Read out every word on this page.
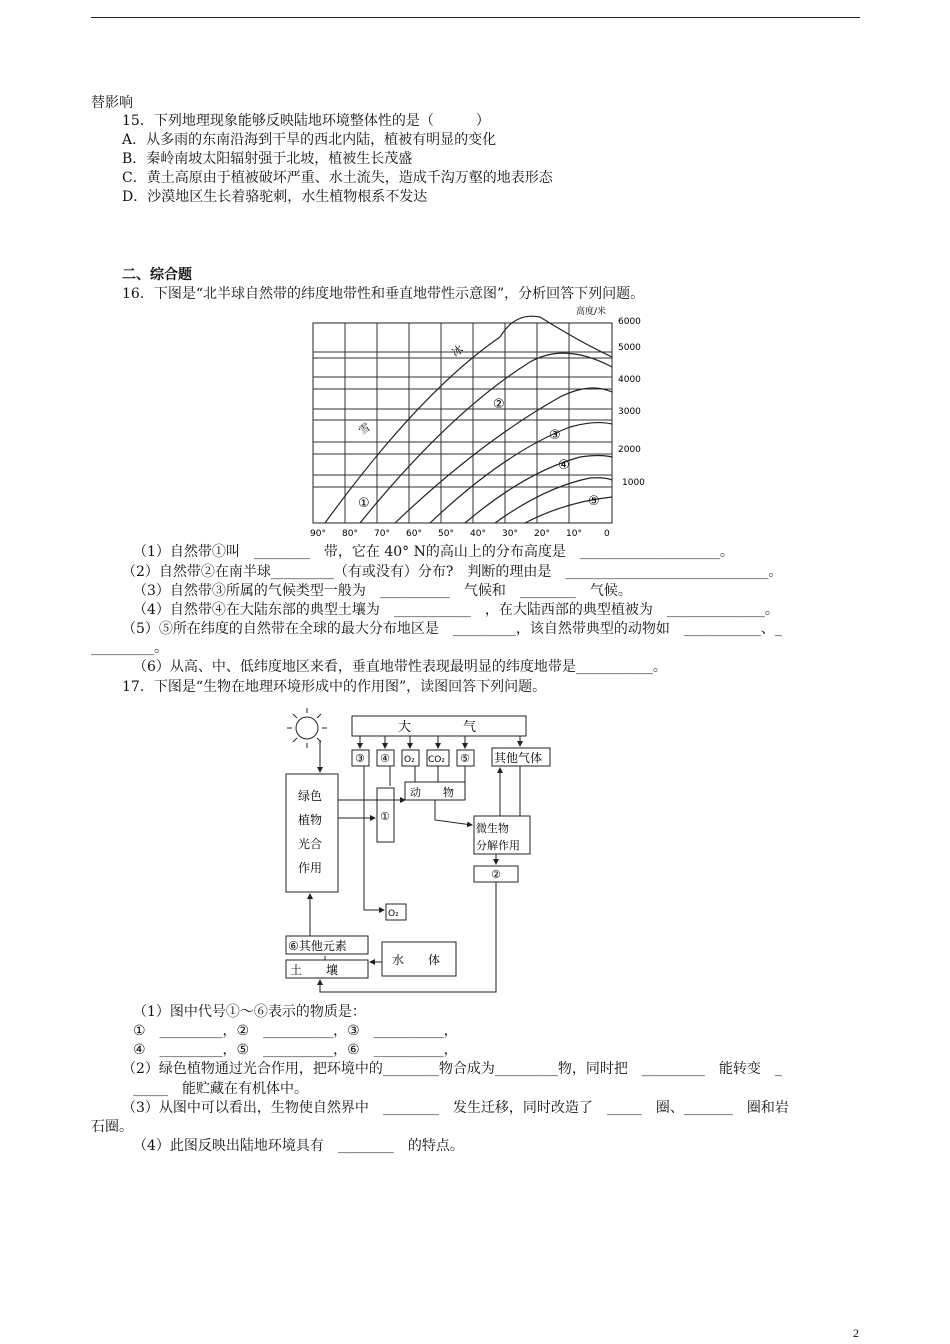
替影响
15．下列地理现象能够反映陆地环境整体性的是（　　　）
A．从多雨的东南沿海到干旱的西北内陆，植被有明显的变化
B．秦岭南坡太阳辐射强于北坡，植被生长茂盛
C．黄土高原由于植被破坏严重、水土流失，造成千沟万壑的地表形态
D．沙漠地区生长着骆驼刺，水生植物根系不发达
二、综合题
16．下图是“北半球自然带的纬度地带性和垂直地带性示意图”，分析回答下列问题。
①
②
③
④
⑤
雪
冰
高度/米
6000
5000
4000
3000
2000
1000
90° 80° 70° 60° 50° 40° 30° 20° 10° 0
（1）自然带①叫　________　带，它在 40° N的高山上的分布高度是　____________________。
（2）自然带②在南半球_________（有或没有）分布?　判断的理由是　_____________________________。
（3）自然带③所属的气候类型一般为　__________　气候和　________　气候。
（4）自然带④在大陆东部的典型土壤为　___________　，在大陆西部的典型植被为　______________。
（5）⑤所在纬度的自然带在全球的最大分布地区是　_________，该自然带典型的动物如　___________、_
_________。
（6）从高、中、低纬度地区来看，垂直地带性表现最明显的纬度地带是___________。
17．下图是“生物在地理环境形成中的作用图”，读图回答下列问题。
大　　　　气
③ ④ O₂ CO₂ ⑤ 其他气体
绿色
植物
光合
作用
①
动　　物
微生物
分解作用
②
O₂
⑥其他元素
土　　壤
水　　体
（1）图中代号①～⑥表示的物质是：
①　_________，②　__________，③　__________，
④　_________，⑤　__________，⑥　__________，
（2）绿色植物通过光合作用，把环境中的________物合成为_________物，同时把　_________　能转变　_
_____　能贮藏在有机体中。
（3）从图中可以看出，生物使自然界中　________　发生迁移，同时改造了　_____　圈、_______　圈和岩
石圈。
（4）此图反映出陆地环境具有　________　的特点。
2
